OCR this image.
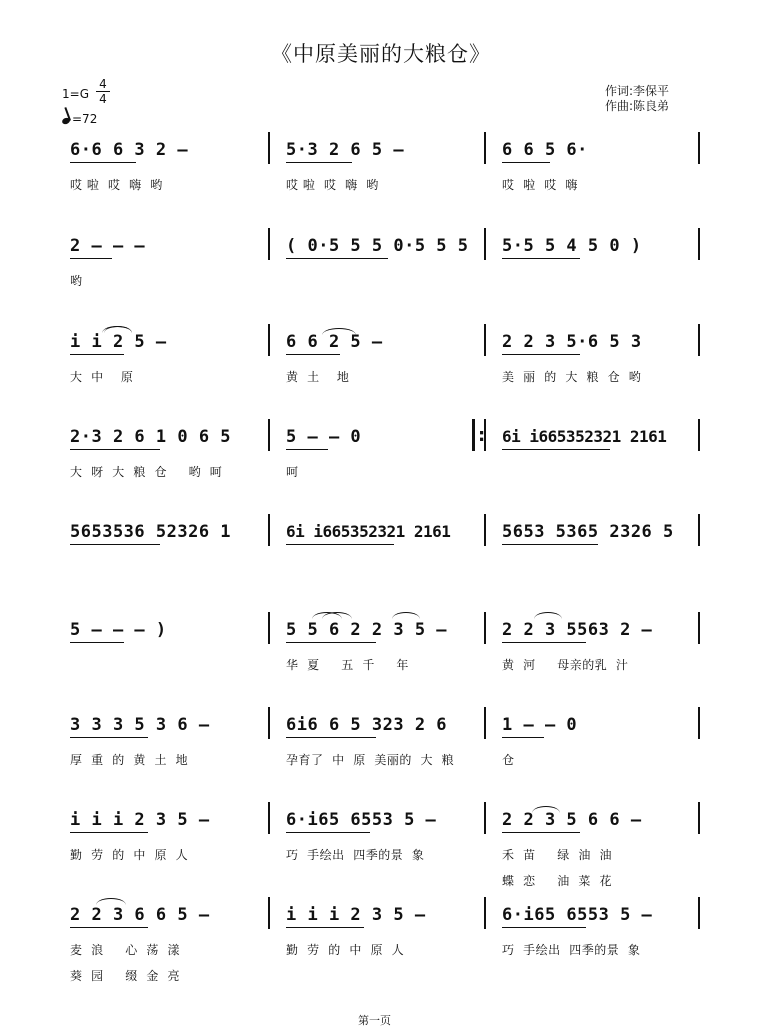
《中原美丽的大粮仓》
1=G
4
4
=72
作词:李保平
作曲:陈良弟
6·6 6 3 2 –
哎 啦  哎  嗨  哟
5·3 2 6 5 –
哎 啦  哎  嗨  哟
6 6 5 6·
哎  啦  哎  嗨
2 – – –
哟
( 0·5 5 5 0·5 5 5 5·5 5 4 5 0 )
i i 2 5 –
大  中    原
6 6 2 5 –
黄  土    地
2 2 3 5·6 5 3
美  丽  的  大  粮  仓  哟
2·3 2 6 1 0 6 5
大  呀  大  粮  仓     哟  呵
5 – – 0
呵
6i i665352321 2161
:
5653536 52326 1	6i i665352321 2161	5653 5365 2326 5
5 – – – )	5 5 6 2 2 3 5 –
华  夏     五  千     年
2 2 3 5563 2 –
黄  河     母亲的乳  汁
3 3 3 5 3 6 –
厚  重  的  黄  土  地
6i6 6 5 323 2 6
孕育了  中  原  美丽的  大  粮
1 – – 0
仓
i i i 2 3 5 –
勤  劳  的  中  原  人
6·i65 6553 5 –
巧  手绘出  四季的景  象
2 2 3 5 6 6 –
禾  苗     绿  油  油
蝶  恋     油  菜  花
2 2 3 6 6 5 –
麦  浪     心  荡  漾
葵  园     缀  金  亮
i i i 2 3 5 –
勤  劳  的  中  原  人
6·i65 6553 5 –
巧  手绘出  四季的景  象
第一页
